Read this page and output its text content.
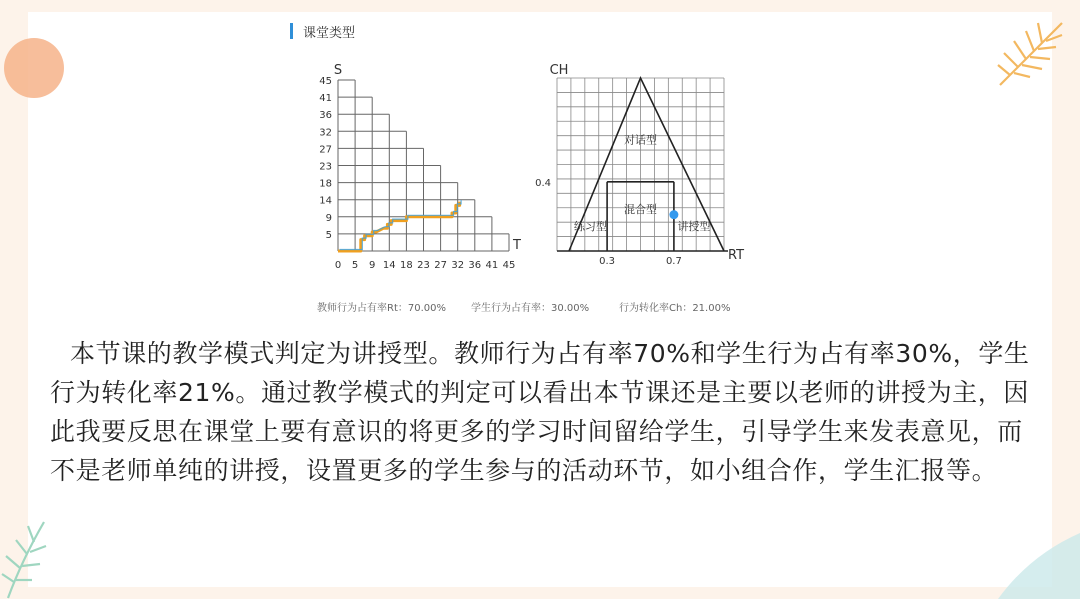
课堂类型
0 5 9 14 18 23 27 32 36 41 45
5
9
14
18
23
27
32
36
41
45
S
T
0.3	0.7
0.4
CH
RT
对话型
混合型
练习型	讲授型
教师行为占有率Rt：70.00%	学生行为占有率：30.00%	行为转化率Ch：21.00%
本节课的教学模式判定为讲授型。教师行为占有率70%和学生行为占有率30%，学生行为转化率21%。通过教学模式的判定可以看出本节课还是主要以老师的讲授为主，因此我要反思在课堂上要有意识的将更多的学习时间留给学生，引导学生来发表意见，而不是老师单纯的讲授，设置更多的学生参与的活动环节，如小组合作，学生汇报等。
